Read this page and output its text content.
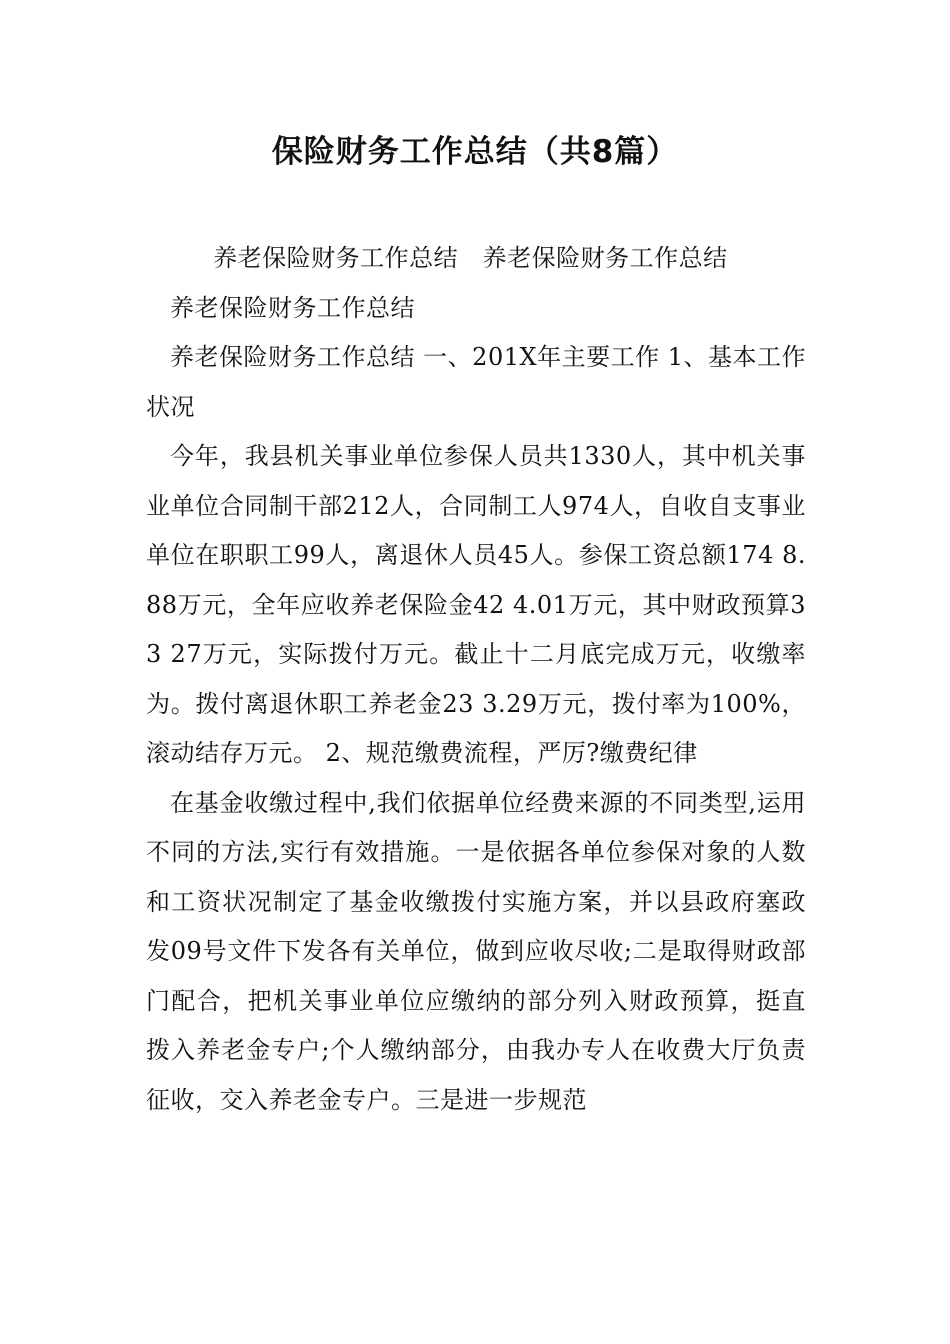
保险财务工作总结（共8篇）

养老保险财务工作总结　养老保险财务工作总结

养老保险财务工作总结

养老保险财务工作总结 一、201X年主要工作 1、基本工作状况

今年，我县机关事业单位参保人员共1330人，其中机关事业单位合同制干部212人，合同制工人974人，自收自支事业单位在职职工99人，离退休人员45人。参保工资总额174 8.88万元，全年应收养老保险金42 4.01万元，其中财政预算33 27万元，实际拨付万元。截止十二月底完成万元，收缴率为。拨付离退休职工养老金23 3.29万元，拨付率为100%，滚动结存万元。 2、规范缴费流程，严厉?缴费纪律

在基金收缴过程中,我们依据单位经费来源的不同类型,运用不同的方法,实行有效措施。一是依据各单位参保对象的人数和工资状况制定了基金收缴拨付实施方案，并以县政府塞政发09号文件下发各有关单位，做到应收尽收;二是取得财政部门配合，把机关事业单位应缴纳的部分列入财政预算，挺直拨入养老金专户;个人缴纳部分，由我办专人在收费大厅负责征收，交入养老金专户。三是进一步规范
